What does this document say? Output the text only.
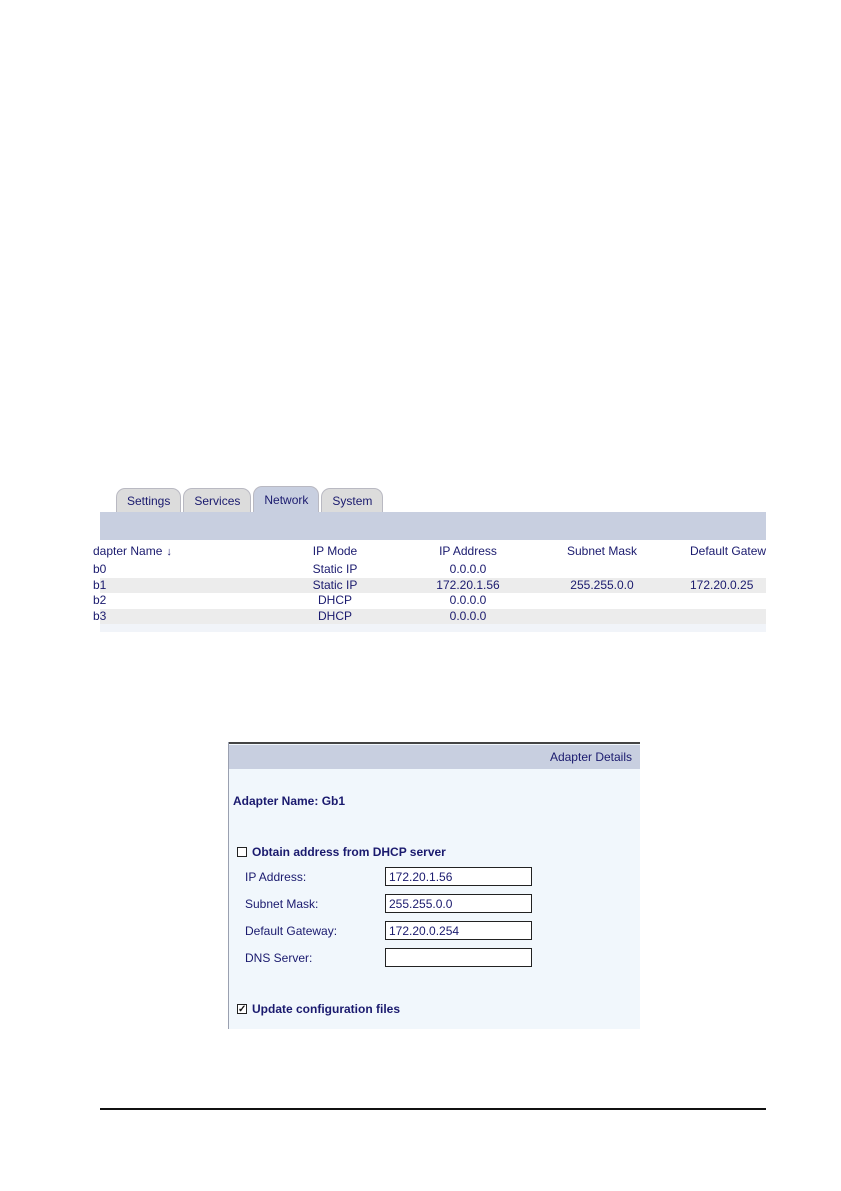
Settings	Services	Network	System
dapter Name ↓	IP Mode	IP Address	Subnet Mask	Default Gatew
b0	Static IP	0.0.0.0
b1	Static IP	172.20.1.56	255.255.0.0	172.20.0.25
b2	DHCP	0.0.0.0
b3	DHCP	0.0.0.0
Adapter Details
Adapter Name: Gb1
Obtain address from DHCP server
IP Address:
172.20.1.56
Subnet Mask:
255.255.0.0
Default Gateway:
172.20.0.254
DNS Server:
✓ Update configuration files
